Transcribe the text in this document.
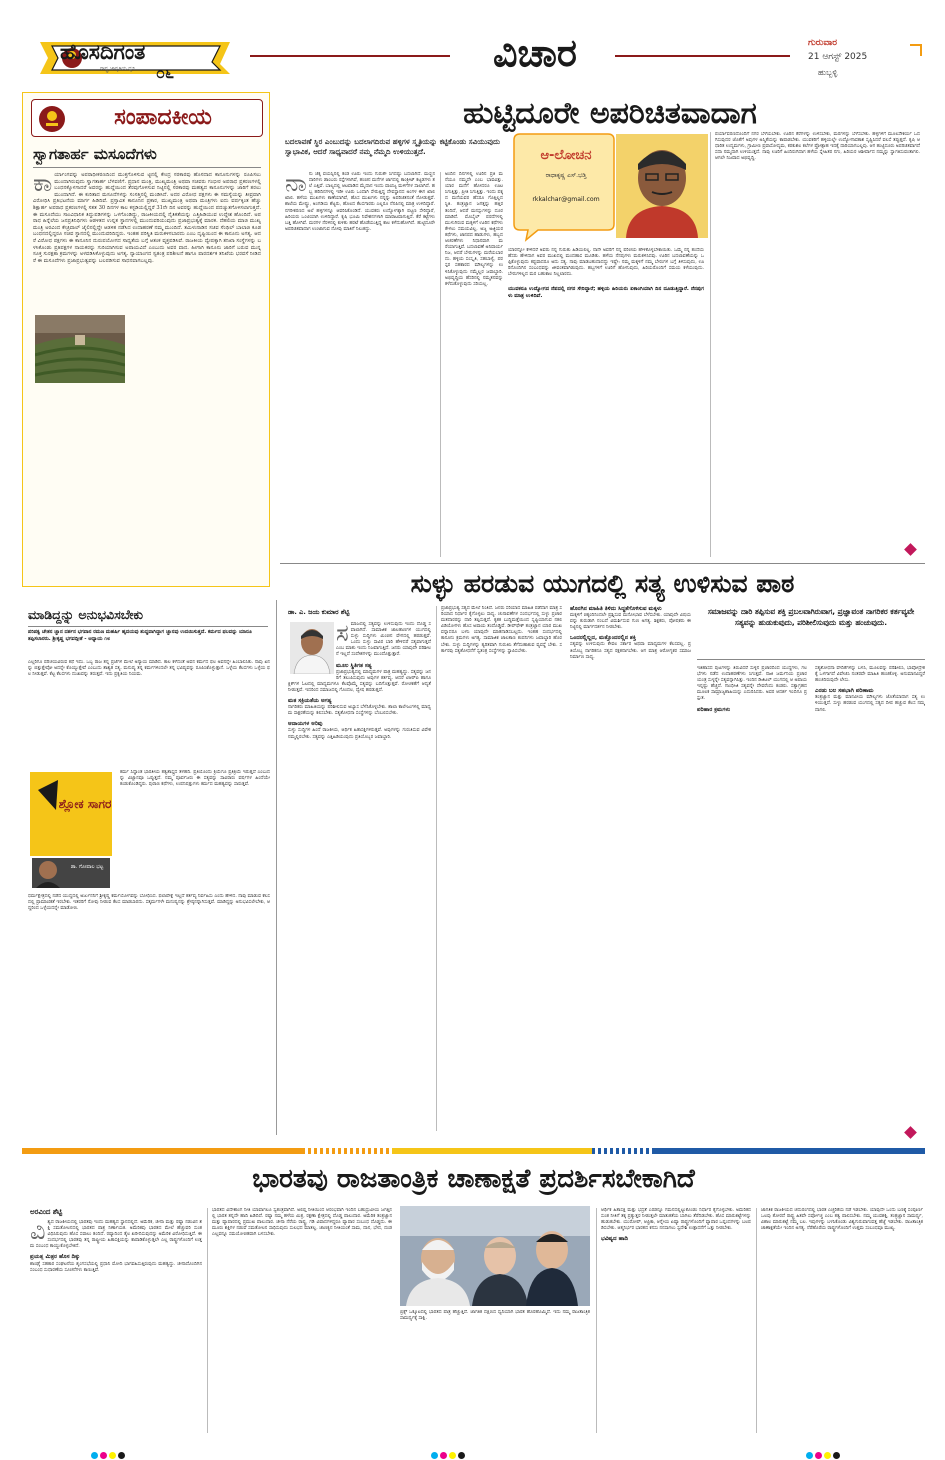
ಹೊಸದಿಗಂತ
ರಾಷ್ಟ್ರ ಜಾಗೃತಿಯ ಧ್ವನಿ	೦೬	ವಿಚಾರ	ಗುರುವಾರ
21 ಆಗಸ್ಟ್ 2025
ಹುಬ್ಬಳ್ಳಿ
ಸಂಪಾದಕೀಯ
ಸ್ವಾಗತಾರ್ಹ ಮಸೂದೆಗಳು
ಕಾ ರ್ಯಾಂಗವನ್ನು ಅಪರಾಧೀಕರಣದಿಂದ ಮುಕ್ತಗೊಳಿಸುವ ಟ್ಟಿನಲ್ಲಿ ಕೇಂದ್ರ ಸರಕಾರವು ಹೊಸದಾದ ಕಾನೂನುಗಳನ್ನು ರೂಪಿಸಲು ಮುಂದಾಗಿರುವುದು ಸ್ವಾಗತಾರ್ಹ ಬೆಳವಣಿಗೆ. ಪ್ರಧಾನ ಮಂತ್ರಿ, ಮುಖ್ಯಮಂತ್ರಿ ಅಥವಾ ಸಚಿವರು ಗಂಭೀರ ಅಪರಾಧ ಪ್ರಕರಣಗಳಲ್ಲಿ ಬಂಧನಕ್ಕೊಳಗಾದರೆ ಅವರನ್ನು ಹುದ್ದೆಯಿಂದ ತೆರವುಗೊಳಿಸುವ ನಿಟ್ಟಿನಲ್ಲಿ ಸರಕಾರವು ಮಹತ್ವದ ಕಾನೂನುಗಳನ್ನು ಜಾರಿಗೆ ತರಲು ಮುಂದಾಗಿದೆ. ಈ ಕುರಿತಾದ ಮಸೂದೆಗಳನ್ನು ಸಂಸತ್ತಿನಲ್ಲಿ ಮಂಡಿಸಿದೆ. ಅದರ ವಿರೋಧ ಪಕ್ಷಗಳು ಈ ಸಮಸ್ಯೆಯನ್ನು ತೀವ್ರವಾಗಿ ವಿರೋಧಿಸಿ ಪ್ರತಿಭಟನೆಯ ಮಾರ್ಗ ಹಿಡಿದಿವೆ. ಪ್ರಸ್ತಾವಿತ ಕಾನೂನಿನ ಪ್ರಕಾರ, ಮುಖ್ಯಮಂತ್ರಿ ಅಥವಾ ಮಂತ್ರಿಗಳು ಐದು ವರ್ಷಕ್ಕಿಂತ ಹೆಚ್ಚು ಶಿಕ್ಷಾರ್ಹ ಅಪರಾಧ ಪ್ರಕರಣಗಳಲ್ಲಿ ಸತತ 30 ದಿನಗಳ ಕಾಲ ಕಸ್ಟಡಿಯಲ್ಲಿದ್ದರೆ 31ನೇ ದಿನ ಅವರನ್ನು ಹುದ್ದೆಯಿಂದ ಪದಚ್ಯುತಗೊಳಿಸಲಾಗುತ್ತದೆ. ಈ ಮಸೂದೆಯು ಸಾಂವಿಧಾನಿಕ ತಿದ್ದುಪಡಿಗಳನ್ನು ಒಳಗೊಂಡಿದ್ದು, ರಾಜಕೀಯದಲ್ಲಿ ನೈತಿಕತೆಯನ್ನು ಎತ್ತಿಹಿಡಿಯುವ ಉದ್ದೇಶ ಹೊಂದಿದೆ. ಅಪರಾಧ ಹಿನ್ನೆಲೆಯ ಜನಪ್ರತಿನಿಧಿಗಳು ಆಡಳಿತದ ಉನ್ನತ ಸ್ಥಾನಗಳಲ್ಲಿ ಮುಂದುವರಿಯುವುದು ಪ್ರಜಾಪ್ರಭುತ್ವಕ್ಕೆ ಮಾರಕ. ದೆಹಲಿಯ ಮಾಜಿ ಮುಖ್ಯಮಂತ್ರಿ ಅರವಿಂದ ಕೇಜ್ರಿವಾಲ್ ಜೈಲಿನಲ್ಲಿದ್ದೇ ಆಡಳಿತ ನಡೆಸಿದ ಉದಾಹರಣೆ ನಮ್ಮ ಮುಂದಿದೆ. ತಮಿಳುನಾಡಿನ ಸಚಿವ ಸೆಂಥಿಲ್ ಬಾಲಾಜಿ ಕೂಡ ಬಂಧನದಲ್ಲಿದ್ದರೂ ಸಚಿವ ಸ್ಥಾನದಲ್ಲಿ ಮುಂದುವರಿದಿದ್ದರು. ಇಂತಹ ಪರಿಸ್ಥಿತಿ ಮರುಕಳಿಸಬಾರದು ಎಂಬ ದೃಷ್ಟಿಯಿಂದ ಈ ಕಾನೂನು ಅಗತ್ಯ. ಆದರೆ ವಿರೋಧ ಪಕ್ಷಗಳು ಈ ಕಾನೂನಿನ ದುರುಪಯೋಗದ ಸಾಧ್ಯತೆಯ ಬಗ್ಗೆ ಆತಂಕ ವ್ಯಕ್ತಪಡಿಸಿವೆ. ರಾಜಕೀಯ ದ್ವೇಷಕ್ಕಾಗಿ ತನಿಖಾ ಸಂಸ್ಥೆಗಳನ್ನು ಬಳಸಿಕೊಂಡು ಪ್ರತಿಪಕ್ಷಗಳ ನಾಯಕರನ್ನು ಗುರಿಯಾಗಿಸುವ ಅಪಾಯವಿದೆ ಎಂಬುದು ಅವರ ವಾದ. ಹೀಗಾಗಿ ಕಾನೂನು ಜಾರಿಗೆ ಬರುವ ಮುನ್ನ ಸೂಕ್ತ ಸುರಕ್ಷತಾ ಕ್ರಮಗಳನ್ನು ಅಳವಡಿಸಿಕೊಳ್ಳುವುದು ಅಗತ್ಯ. ನ್ಯಾಯಾಂಗದ ಸ್ವತಂತ್ರ ಪರಿಶೀಲನೆ ಹಾಗೂ ಪಾರದರ್ಶಕ ತನಿಖೆಯ ಭರವಸೆ ನೀಡಿದರೆ ಈ ಮಸೂದೆಗಳು ಪ್ರಜಾಪ್ರಭುತ್ವವನ್ನು ಬಲಪಡಿಸುವ ಸಾಧನವಾಗಬಲ್ಲವು.
ಹುಟ್ಟಿದೂರೇ ಅಪರಿಚಿತವಾದಾಗ
ಬದಲಾವಣೆ ಸ್ಥಿರ ಎಂಬುದನ್ನು ಬದಲಾಗದಿರುವ ಹಳ್ಳಿಗಳ ಸ್ಮೃತಿಯನ್ನು ಕಟ್ಟಿಕೊಂಡು ಸವಿಯುವುದು ಸ್ವಾಭಾವಿಕ, ಆದರೆ ಸಾಧ್ಯವಾದರೆ ನಮ್ಮ ನೆಮ್ಮದಿ ಉಳಿಯುತ್ತದೆ.	ಆ-ಲೋಚನ
ರಾಧಾಕೃಷ್ಣ ಎಸ್.ಭಡ್ತಿ
rkkalchar@gmail.com
ನಾ ನು ಚಿಕ್ಕ ವಯಸ್ಸಿನಲ್ಲಿ ಕಂಡ ಊರು ಇಂದು ಗುರುತೇ ಸಿಗದಷ್ಟು ಬದಲಾಗಿದೆ. ಮಣ್ಣಿನ ದಾರಿಗಳು ಡಾಂಬರು ರಸ್ತೆಗಳಾಗಿವೆ, ಹಂಚಿನ ಮನೆಗಳ ಜಾಗದಲ್ಲಿ ಕಾಂಕ್ರೀಟ್ ಕಟ್ಟಡಗಳು ತಲೆ ಎತ್ತಿವೆ. ಬಾಲ್ಯದಲ್ಲಿ ಆಟವಾಡಿದ ಮೈದಾನ ಇಂದು ವಾಣಿಜ್ಯ ಮಳಿಗೆಗಳ ಸಾಲಾಗಿದೆ. ಹಬ್ಬ ಹರಿದಿನಗಳಲ್ಲಿ ಇಡೀ ಊರು ಒಂದಾಗಿ ಸೇರುತ್ತಿದ್ದ ದೇವಸ್ಥಾನದ ಅಂಗಳ ಈಗ ಖಾಲಿ ಖಾಲಿ. ಹಳೆಯ ಮುಖಗಳು ಕಾಣೆಯಾಗಿವೆ, ಹೊಸ ಮುಖಗಳು ನನ್ನನ್ನು ಅಪರಿಚಿತನಂತೆ ನೋಡುತ್ತವೆ. ಶಾಲೆಯ ಮೇಷ್ಟ್ರು, ಅಂಗಡಿಯ ಶೆಟ್ಟರು, ಹೊಲದ ಕೆಲಸಗಾರರು ಎಲ್ಲರೂ ನೆನಪಿನಲ್ಲಿ ಮಾತ್ರ ಉಳಿದಿದ್ದಾರೆ. ನಗರೀಕರಣದ ಅಲೆ ಹಳ್ಳಿಗಳನ್ನೂ ಆವರಿಸಿಕೊಂಡಿದೆ. ಯುವಕರು ಉದ್ಯೋಗಕ್ಕಾಗಿ ಪಟ್ಟಣ ಸೇರಿದ್ದಾರೆ, ಹಿರಿಯರು ಒಂಟಿಯಾಗಿ ಉಳಿದಿದ್ದಾರೆ. ಕೃಷಿ ಭೂಮಿ ನಿವೇಶನಗಳಾಗಿ ಮಾರಾಟವಾಗುತ್ತಿದೆ. ಕೆರೆ ಕಟ್ಟೆಗಳು ಬತ್ತಿ ಹೋಗಿವೆ. ಮರಗಳ ನೆರಳಿನಲ್ಲಿ ಕುಳಿತು ಹರಟೆ ಹೊಡೆಯುತ್ತಿದ್ದ ಕಾಲ ಕಳೆದುಹೋಗಿದೆ. ಹುಟ್ಟಿದೂರೇ ಅಪರಿಚಿತವಾದಾಗ ಉಂಟಾಗುವ ನೋವು ಮಾತಿಗೆ ನಿಲುಕದ್ದು.
ಅಂದಿನ ದಿನಗಳಲ್ಲಿ ಊರಿನ ಪ್ರತಿ ಮನೆಯೂ ನಮ್ಮದೇ ಎಂಬ ಭಾವವಿತ್ತು. ಯಾರ ಮನೆಗೆ ಹೋದರೂ ಊಟ ಸಿಗುತ್ತಿತ್ತು, ಪ್ರೀತಿ ಸಿಗುತ್ತಿತ್ತು. ಇಂದು ಪಕ್ಕದ ಮನೆಯವರ ಹೆಸರೂ ಗೊತ್ತಿಲ್ಲದ ಸ್ಥಿತಿ. ತಂತ್ರಜ್ಞಾನ ಜಗತ್ತನ್ನು ಹತ್ತಿರ ತಂದಿದೆ, ಆದರೆ ಮನಸ್ಸುಗಳನ್ನು ದೂರ ಮಾಡಿದೆ. ಮೊಬೈಲ್ ಪರದೆಗಳಲ್ಲಿ ಮುಳುಗಿರುವ ಮಕ್ಕಳಿಗೆ ಊರಿನ ಕಥೆಗಳು ಕೇಳಲು ಸಮಯವಿಲ್ಲ. ಅಜ್ಜ ಅಜ್ಜಿಯರ ಕಥೆಗಳು, ಜಾನಪದ ಹಾಡುಗಳು, ಹಬ್ಬದ ಆಚರಣೆಗಳು ನಿಧಾನವಾಗಿ ಮರೆಯಾಗುತ್ತಿವೆ. ಬದಲಾವಣೆ ಅನಿವಾರ್ಯ ನಿಜ, ಆದರೆ ಬೇರುಗಳನ್ನು ಮರೆಯಬಾರದು. ಹಳ್ಳಿಯ ಸಂಸ್ಕೃತಿ, ಸಹಬಾಳ್ವೆ, ಪರಸ್ಪರ ಸಹಕಾರದ ಮೌಲ್ಯಗಳನ್ನು ಉಳಿಸಿಕೊಳ್ಳುವುದು ನಮ್ಮೆಲ್ಲರ ಜವಾಬ್ದಾರಿ. ಅಭಿವೃದ್ಧಿಯ ಹೆಸರಿನಲ್ಲಿ ನಮ್ಮತನವನ್ನು ಕಳೆದುಕೊಳ್ಳುವುದು ಸರಿಯಲ್ಲ.
ಯಾರನ್ನೋ ಕೇಳಿದರೆ ಅವರು ನನ್ನ ಗುರುತು ಹಿಡಿಯಲಿಲ್ಲ. ನಾನೇ ಅವರಿಗೆ ನನ್ನ ಪರಿಚಯ ಹೇಳಿಕೊಳ್ಳಬೇಕಾಯಿತು. ಒಮ್ಮೆ ನನ್ನ ತಂದೆಯ ಹೆಸರು ಹೇಳಿದಾಗ ಅವರ ಮುಖದಲ್ಲಿ ಮಂದಹಾಸ ಮೂಡಿತು. ಹಳೆಯ ನೆನಪುಗಳು ಮರುಕಳಿಸಿದವು. ಊರಿನ ಬದಲಾವಣೆಯನ್ನು ಒಪ್ಪಿಕೊಳ್ಳುವುದು ಕಷ್ಟವಾದರೂ ಅದು ಸತ್ಯ. ನಾವು ಮಾಡಬಹುದಾದದ್ದು ಇಷ್ಟೇ: ನಮ್ಮ ಮಕ್ಕಳಿಗೆ ನಮ್ಮ ಬೇರುಗಳ ಬಗ್ಗೆ ತಿಳಿಸುವುದು, ಊರಿನೊಂದಿಗಿನ ಸಂಬಂಧವನ್ನು ಜೀವಂತವಾಗಿಡುವುದು. ಹಬ್ಬಗಳಿಗೆ ಊರಿಗೆ ಹೋಗುವುದು, ಹಿರಿಯರೊಂದಿಗೆ ಸಮಯ ಕಳೆಯುವುದು. ಬೇರುಗಳಿಲ್ಲದ ಮರ ಬಹುಕಾಲ ನಿಲ್ಲಲಾರದು.
ಯುವಕರೂ ಉದ್ಯೋಗದ ನೆಪದಲ್ಲಿ ನಗರ ಸೇರಿದ್ದಾರೆ; ಹಳ್ಳಿಯ ಹಿರಿಯರು ಏಕಾಂಗಿಯಾಗಿ ದಿನ ದೂಡುತ್ತಿದ್ದಾರೆ. ನೆನಪುಗಳು ಮಾತ್ರ ಉಳಿದಿವೆ.
ಪರ್ಯಾವರಣದೊಂದಿಗೆ ನಗರ ಬೆಳೆಯಬೇಕು. ಊರಿನ ಕೆರೆಗಳನ್ನು ಉಳಿಸಬೇಕು, ಮರಗಳನ್ನು ಬೆಳೆಸಬೇಕು. ಹಳ್ಳಿಗಳಿಗೆ ಮೂಲಸೌಕರ್ಯ ಒದಗಿಸುವುದರ ಜೊತೆಗೆ ಅವುಗಳ ಅಸ್ಮಿತೆಯನ್ನು ಕಾಪಾಡಬೇಕು. ಯುವಕರಿಗೆ ಹಳ್ಳಿಯಲ್ಲೇ ಉದ್ಯೋಗಾವಕಾಶ ಸೃಷ್ಟಿಸಿದರೆ ವಲಸೆ ತಪ್ಪುತ್ತದೆ. ಕೃಷಿ ಆಧಾರಿತ ಉದ್ಯಮಗಳು, ಗ್ರಾಮೀಣ ಪ್ರವಾಸೋದ್ಯಮ, ಕರಕುಶಲ ಕಲೆಗಳ ಪ್ರೋತ್ಸಾಹ ಇದಕ್ಕೆ ದಾರಿಯಾಗಬಲ್ಲವು. ಆಗ ಹುಟ್ಟಿದೂರು ಅಪರಿಚಿತವಾಗದೆ ಸದಾ ನಮ್ಮದಾಗಿ ಉಳಿಯುತ್ತದೆ. ನಾವು ಊರಿಗೆ ಹಿಂದಿರುಗಿದಾಗ ಹಳೆಯ ಸ್ನೇಹಿತರ ನಗು, ಹಿರಿಯರ ಆಶೀರ್ವಾದ ನಮ್ಮನ್ನು ಸ್ವಾಗತಿಸುವಂತಾಗಲಿ. ಆಗಲೇ ನಿಜವಾದ ಅಭಿವೃದ್ಧಿ.
ಸುಳ್ಳು ಹರಡುವ ಯುಗದಲ್ಲಿ ಸತ್ಯ ಉಳಿಸುವ ಪಾಠ
ಡಾ. ಎ. ಜಯ ಕುಮಾರ ಶೆಟ್ಟಿ
ಸ ಮಾಜದಲ್ಲಿ ಸತ್ಯವನ್ನು ಉಳಿಸುವುದು ಇಂದು ದೊಡ್ಡ ಸವಾಲಾಗಿದೆ. ಸಾಮಾಜಿಕ ಜಾಲತಾಣಗಳ ಯುಗದಲ್ಲಿ ಸುಳ್ಳು ಸುದ್ದಿಗಳು ಮಿಂಚಿನ ವೇಗದಲ್ಲಿ ಹರಡುತ್ತವೆ. ಒಂದು ಸುಳ್ಳು ಸಾವಿರ ಬಾರಿ ಹೇಳಿದರೆ ಸತ್ಯವಾಗುತ್ತದೆ ಎಂಬ ಮಾತು ಇಂದು ನಿಜವಾಗುತ್ತಿದೆ. ಜನರು ಯಾವುದೇ ಪರಿಶೀಲನೆ ಇಲ್ಲದೆ ಸಂದೇಶಗಳನ್ನು ಮುಂದೊತ್ತುತ್ತಾರೆ.
ಮೂಲ ಸ್ಥಿತಿಗತ ಸತ್ಯ
ಪ್ರಜಾಪ್ರಭುತ್ವದಲ್ಲಿ ಮಾಧ್ಯಮಗಳ ಪಾತ್ರ ಮಹತ್ವದ್ದು. ಸತ್ಯವನ್ನು ಜನರಿಗೆ ತಲುಪಿಸುವುದು ಅವುಗಳ ಕರ್ತವ್ಯ. ಆದರೆ ಟಿಆರ್‌ಪಿ ಹಾಗೂ ಕ್ಲಿಕ್‌ಗಳ ಓಟದಲ್ಲಿ ಮಾಧ್ಯಮಗಳೂ ಕೆಲವೊಮ್ಮೆ ಸತ್ಯವನ್ನು ಬದಿಗೊತ್ತುತ್ತವೆ. ರೋಚಕತೆಗೆ ಆದ್ಯತೆ ನೀಡುತ್ತವೆ. ಇದರಿಂದ ಸಮಾಜದಲ್ಲಿ ಗೊಂದಲ, ದ್ವೇಷ ಹರಡುತ್ತದೆ.
ಮತ ಸಕ್ರಿಯತೆಯ ಅಗತ್ಯ
ನಾಗರಿಕರು ಮಾಹಿತಿಯನ್ನು ಪರಿಶೀಲಿಸುವ ಅಭ್ಯಾಸ ಬೆಳೆಸಿಕೊಳ್ಳಬೇಕು. ಶಾಲಾ ಕಾಲೇಜುಗಳಲ್ಲಿ ಮಾಧ್ಯಮ ಸಾಕ್ಷರತೆಯನ್ನು ಕಲಿಸಬೇಕು. ಸತ್ಯಶೋಧನಾ ಸಂಸ್ಥೆಗಳನ್ನು ಬೆಂಬಲಿಸಬೇಕು.
ಆದಾಯಗಳ ಅರಿವು
ಸುಳ್ಳು ಸುದ್ದಿಗಳ ಹಿಂದೆ ರಾಜಕೀಯ, ಆರ್ಥಿಕ ಹಿತಾಸಕ್ತಿಗಳಿರುತ್ತವೆ. ಅವುಗಳನ್ನು ಗುರುತಿಸುವ ವಿವೇಕ ನಮ್ಮಲ್ಲಿರಬೇಕು. ಸತ್ಯವನ್ನು ಎತ್ತಿಹಿಡಿಯುವುದು ಪ್ರತಿಯೊಬ್ಬರ ಜವಾಬ್ದಾರಿ.
ಪ್ರಜಾಪ್ರಭುತ್ವ ಸತ್ಯದ ಮೇಲೆ ನಿಂತಿದೆ. ಜನರು ಸರಿಯಾದ ಮಾಹಿತಿ ಪಡೆದಾಗ ಮಾತ್ರ ಸರಿಯಾದ ನಿರ್ಧಾರ ಕೈಗೊಳ್ಳಲು ಸಾಧ್ಯ. ಚುನಾವಣೆಗಳ ಸಂದರ್ಭದಲ್ಲಿ ಸುಳ್ಳು ಪ್ರಚಾರ ಮತದಾರರನ್ನು ದಾರಿ ತಪ್ಪಿಸುತ್ತದೆ. ಕೃತಕ ಬುದ್ಧಿಮತ್ತೆಯಿಂದ ಸೃಷ್ಟಿಯಾಗುವ ನಕಲಿ ವಿಡಿಯೋಗಳು ಹೊಸ ಅಪಾಯ ತಂದೊಡ್ಡಿವೆ. ಡೀಪ್‌ಫೇಕ್ ತಂತ್ರಜ್ಞಾನ ಯಾರ ಮುಖವನ್ನಾದರೂ ಬಳಸಿ ಯಾವುದೇ ಮಾತನಾಡಿಸಬಲ್ಲದು. ಇಂತಹ ಸಂದರ್ಭದಲ್ಲಿ ಕಾನೂನು ಕ್ರಮಗಳು ಅಗತ್ಯ. ಸಾಮಾಜಿಕ ಜಾಲತಾಣ ಕಂಪನಿಗಳು ಜವಾಬ್ದಾರಿ ಹೊರಬೇಕು. ಸುಳ್ಳು ಸುದ್ದಿಗಳನ್ನು ತ್ವರಿತವಾಗಿ ಗುರುತಿಸಿ ತೆಗೆದುಹಾಕುವ ವ್ಯವಸ್ಥೆ ಬೇಕು. ಸರ್ಕಾರವು ಸತ್ಯಶೋಧನೆಗೆ ಸ್ವತಂತ್ರ ಸಂಸ್ಥೆಗಳನ್ನು ಸ್ಥಾಪಿಸಬೇಕು.
ಹೊರಗಿನ ಮಾಹಿತಿ ತಿಳಿದು ಸಿದ್ಧತೆಗೊಳಿಸುವ ಮಕ್ಕಳು
ಮಕ್ಕಳಿಗೆ ಚಿಕ್ಕಂದಿನಿಂದಲೇ ಪ್ರಶ್ನಿಸುವ ಮನೋಭಾವ ಬೆಳೆಸಬೇಕು. ಯಾವುದೇ ವಿಷಯವನ್ನು ಕುರುಡಾಗಿ ನಂಬದೆ ವಿಮರ್ಶಿಸುವ ಗುಣ ಅಗತ್ಯ. ಶಿಕ್ಷಕರು, ಪೋಷಕರು ಈ ನಿಟ್ಟಿನಲ್ಲಿ ಮಾರ್ಗದರ್ಶನ ನೀಡಬೇಕು.
ಒಂದರಲ್ಲಿಲ್ಲದ, ಮತ್ತೊಂದರಲ್ಲಿನ ಶಕ್ತಿ
ಸತ್ಯವನ್ನು ಉಳಿಸುವುದು ಕೇವಲ ಸರ್ಕಾರ ಅಥವಾ ಮಾಧ್ಯಮಗಳ ಕೆಲಸವಲ್ಲ. ಪ್ರತಿಯೊಬ್ಬ ನಾಗರಿಕನೂ ಸತ್ಯದ ರಕ್ಷಕನಾಗಬೇಕು. ಆಗ ಮಾತ್ರ ಆರೋಗ್ಯಕರ ಸಮಾಜ ನಿರ್ಮಾಣ ಸಾಧ್ಯ.
ಸಮಾಜವನ್ನು ದಾರಿ ತಪ್ಪಿಸುವ ಶಕ್ತಿ ಪ್ರಬಲವಾಗಿರುವಾಗ, ಪ್ರಜ್ಞಾವಂತ ನಾಗರಿಕರ ಕರ್ತವ್ಯವೇ ಸತ್ಯವನ್ನು ಹುಡುಕುವುದು, ಪರಿಶೀಲಿಸುವುದು ಮತ್ತು ಹಂಚುವುದು.
ಇತಿಹಾಸದ ಪುಟಗಳನ್ನು ತಿರುವಿದರೆ ಸುಳ್ಳಿನ ಪ್ರಚಾರದಿಂದ ಯುದ್ಧಗಳು, ಗಲಭೆಗಳು ನಡೆದ ಉದಾಹರಣೆಗಳು ಸಿಗುತ್ತವೆ. ನಾಜಿ ಜರ್ಮನಿಯ ಪ್ರಚಾರ ಯಂತ್ರ ಸುಳ್ಳನ್ನೇ ಸತ್ಯವನ್ನಾಗಿಸಿತ್ತು. ಇಂದಿನ ಡಿಜಿಟಲ್ ಯುಗದಲ್ಲಿ ಆ ಅಪಾಯ ಇನ್ನಷ್ಟು ಹೆಚ್ಚಿದೆ. ಗಾಂಧೀಜಿ ಸತ್ಯವನ್ನೇ ದೇವರೆಂದು ಕಂಡರು. ಸತ್ಯಾಗ್ರಹದ ಮೂಲಕ ಸಾಮ್ರಾಜ್ಯಶಾಹಿಯನ್ನು ಎದುರಿಸಿದರು. ಅವರ ಆದರ್ಶ ಇಂದಿಗೂ ಪ್ರಸ್ತುತ.
ಪರಿಹಾರ ಕ್ರಮಗಳು
ಸತ್ಯಶೋಧನಾ ವೇದಿಕೆಗಳನ್ನು ಬಳಸಿ, ಮೂಲವನ್ನು ಪರಿಶೀಲಿಸಿ, ಭಾವೋದ್ರೇಕಕ್ಕೆ ಒಳಗಾಗದೆ ವಿವೇಚಿಸಿ ನಂತರವೇ ಮಾಹಿತಿ ಹಂಚಿಕೊಳ್ಳಿ. ಅನುಮಾನವಿದ್ದರೆ ಹಂಚದಿರುವುದೇ ಲೇಸು.
ಎರಡು ಬಲ ಸಹಭಾಗಿ ಪರಿಣಾಮ
ತಂತ್ರಜ್ಞಾನ ಮತ್ತು ಮಾನವೀಯ ಮೌಲ್ಯಗಳು ಜೊತೆಯಾದಾಗ ಸತ್ಯ ಉಳಿಯುತ್ತದೆ. ಸುಳ್ಳು ಹರಡುವ ಯುಗದಲ್ಲಿ ಸತ್ಯದ ದೀಪ ಹಚ್ಚುವ ಕೆಲಸ ನಮ್ಮದಾಗಲಿ.
ಮಾಡಿದ್ದನ್ನು ಅನುಭವಿಸಬೇಕು
ಪರಿಪಕ್ವ ಚೇತನ ಜ್ಞಾನ ದರ್ಶನ ಭಗವಾನ ರಮಣ ಮಹರ್ಷಿ ಹೃದಯವು ಶುದ್ಧವಾಗಿದ್ದಾಗ ಜ್ಞಾನವು ಉದಯಿಸುತ್ತದೆ. ಕರ್ಮದ ಫಲವನ್ನು ಯಾರೂ ತಪ್ಪಿಸಲಾರರು. ಶ್ರೀಕೃಷ್ಣ ಭಗವದ್ಗೀತೆ - ಅಧ್ಯಾಯ ೧೮
ಎಲ್ಲರಿಗೂ ಪರಿಚಯವಿರುವ ಕಥೆ ಇದು. ಒಬ್ಬ ರಾಜ ತನ್ನ ಪ್ರಜೆಗಳ ಮೇಲೆ ಅನ್ಯಾಯ ಮಾಡಿದ. ಕಾಲ ಕಳೆದಂತೆ ಅವನ ಕರ್ಮದ ಫಲ ಅವನನ್ನೇ ಹಿಂಬಾಲಿಸಿತು. ನಾವು ಏನನ್ನು ಬಿತ್ತುತ್ತೇವೋ ಅದನ್ನೇ ಕೊಯ್ಯುತ್ತೇವೆ ಎಂಬುದು ಶಾಶ್ವತ ಸತ್ಯ. ಮನುಷ್ಯ ತನ್ನ ಕರ್ಮಗಳಿಂದಲೇ ತನ್ನ ಭವಿಷ್ಯವನ್ನು ರೂಪಿಸಿಕೊಳ್ಳುತ್ತಾನೆ. ಒಳ್ಳೆಯ ಕೆಲಸಗಳು ಒಳ್ಳೆಯ ಫಲ ನೀಡುತ್ತವೆ. ಕೆಟ್ಟ ಕೆಲಸಗಳು ದುಃಖವನ್ನು ತರುತ್ತವೆ. ಇದು ಪ್ರಕೃತಿಯ ನಿಯಮ.
ಶ್ಲೋಕ ಸಾಗರ
ಡಾ. ಗೋಪಾಲ ಭಟ್ಟ
ಕರ್ಮ ಸಿದ್ಧಾಂತ ಭಾರತೀಯ ತತ್ವಶಾಸ್ತ್ರದ ತಳಹದಿ. ಪ್ರತಿಯೊಂದು ಕ್ರಿಯೆಗೂ ಪ್ರತಿಕ್ರಿಯೆ ಇರುತ್ತದೆ ಎಂಬುದನ್ನು ವಿಜ್ಞಾನವೂ ಒಪ್ಪುತ್ತದೆ. ನಮ್ಮ ಪೂರ್ವಜರು ಈ ಸತ್ಯವನ್ನು ಸಾವಿರಾರು ವರ್ಷಗಳ ಹಿಂದೆಯೇ ಕಂಡುಕೊಂಡಿದ್ದರು. ಪುರಾಣ ಕಥೆಗಳು, ಉಪನಿಷತ್ತುಗಳು ಕರ್ಮದ ಮಹತ್ವವನ್ನು ಸಾರುತ್ತವೆ.
ಧರ್ಮಕ್ಷೇತ್ರದಲ್ಲಿ ನಡೆದ ಯುದ್ಧದಲ್ಲಿ ಅರ್ಜುನನಿಗೆ ಶ್ರೀಕೃಷ್ಣ ಕರ್ಮಯೋಗವನ್ನು ಬೋಧಿಸಿದ. ಫಲಾಪೇಕ್ಷೆ ಇಲ್ಲದೆ ಕರ್ತವ್ಯ ನಿರ್ವಹಿಸು ಎಂದು ಹೇಳಿದ. ನಾವು ಮಾಡುವ ಕೆಲಸದಲ್ಲಿ ಪ್ರಾಮಾಣಿಕತೆ ಇರಬೇಕು. ಇತರರಿಗೆ ನೋವು ನೀಡುವ ಕೆಲಸ ಮಾಡಬಾರದು. ಸತ್ಕರ್ಮಗಳೇ ಮನುಷ್ಯನನ್ನು ಶ್ರೇಷ್ಠನನ್ನಾಗಿಸುತ್ತವೆ. ಮಾಡಿದ್ದನ್ನು ಅನುಭವಿಸಲೇಬೇಕು, ಆದ್ದರಿಂದ ಒಳ್ಳೆಯದನ್ನೇ ಮಾಡೋಣ.
ಭಾರತವು ರಾಜತಾಂತ್ರಿಕ ಚಾಣಾಕ್ಷತೆ ಪ್ರದರ್ಶಿಸಬೇಕಾಗಿದೆ
ಅರವಿಂದ ಶೆಟ್ಟಿ
ವಿ ಶ್ವದ ರಾಜಕೀಯದಲ್ಲಿ ಭಾರತವು ಇಂದು ಮಹತ್ವದ ಸ್ಥಾನದಲ್ಲಿದೆ. ಅಮೆರಿಕ, ಚೀನಾ ಮತ್ತು ರಷ್ಯಾ ನಡುವಿನ ಶಕ್ತಿ ಸಮತೋಲನದಲ್ಲಿ ಭಾರತದ ಪಾತ್ರ ನಿರ್ಣಾಯಕ. ಅಮೆರಿಕವು ಭಾರತದ ಮೇಲೆ ಹೆಚ್ಚುವರಿ ಸುಂಕ ವಿಧಿಸಿರುವುದು ಹೊಸ ಸವಾಲು ತಂದಿದೆ. ರಷ್ಯಾದಿಂದ ತೈಲ ಖರೀದಿಸುವುದನ್ನು ಅಮೆರಿಕ ವಿರೋಧಿಸುತ್ತಿದೆ. ಈ ಸಂದರ್ಭದಲ್ಲಿ ಭಾರತವು ತನ್ನ ರಾಷ್ಟ್ರೀಯ ಹಿತಾಸಕ್ತಿಯನ್ನು ಕಾಪಾಡಿಕೊಳ್ಳುತ್ತಲೇ ಎಲ್ಲ ರಾಷ್ಟ್ರಗಳೊಂದಿಗೆ ಉತ್ತಮ ಸಂಬಂಧ ಕಾಯ್ದುಕೊಳ್ಳಬೇಕಿದೆ.
ಪ್ರಯತ್ನ ಮಿತ್ರರ ಹೊಸ ದಿಕ್ಕು
ಶಾಂಘೈ ಸಹಕಾರ ಸಂಘಟನೆಯ ಶೃಂಗಸಭೆಯಲ್ಲಿ ಪ್ರಧಾನಿ ಮೋದಿ ಭಾಗವಹಿಸುತ್ತಿರುವುದು ಮಹತ್ವದ್ದು. ಚೀನಾದೊಂದಿಗಿನ ಸಂಬಂಧ ಸುಧಾರಣೆಯ ಸೂಚನೆಗಳು ಕಾಣುತ್ತಿವೆ.
ಭಾರತದ ವಿದೇಶಾಂಗ ನೀತಿ ಯಾವಾಗಲೂ ಸ್ವತಂತ್ರವಾಗಿದೆ. ಅಲಿಪ್ತ ನೀತಿಯಿಂದ ಆರಂಭವಾಗಿ ಇಂದಿನ ಬಹುಧ್ರುವೀಯ ಜಗತ್ತಿನಲ್ಲಿ ಭಾರತ ತನ್ನದೇ ಹಾದಿ ಹಿಡಿದಿದೆ. ರಷ್ಯಾ ನಮ್ಮ ಹಳೆಯ ಮಿತ್ರ, ರಕ್ಷಣಾ ಕ್ಷೇತ್ರದಲ್ಲಿ ದೊಡ್ಡ ಪಾಲುದಾರ. ಅಮೆರಿಕ ತಂತ್ರಜ್ಞಾನ ಮತ್ತು ವ್ಯಾಪಾರದಲ್ಲಿ ಪ್ರಮುಖ ಪಾಲುದಾರ. ಚೀನಾ ನೆರೆಯ ರಾಷ್ಟ್ರ, ಗಡಿ ವಿವಾದಗಳಿದ್ದರೂ ವ್ಯಾಪಾರ ಸಂಬಂಧ ದೊಡ್ಡದು. ಈ ಮೂರು ಶಕ್ತಿಗಳ ನಡುವೆ ಸಮತೋಲನ ಸಾಧಿಸುವುದು ಸುಲಭದ ಮಾತಲ್ಲ. ಚಾಣಕ್ಯನ ನೀತಿಯಂತೆ ಸಾಮ, ದಾನ, ಭೇದ, ದಂಡ ಎಲ್ಲವನ್ನೂ ಸಮಯೋಚಿತವಾಗಿ ಬಳಸಬೇಕು.
ಬ್ರಿಕ್ಸ್ ಒಕ್ಕೂಟದಲ್ಲಿ ಭಾರತದ ಪಾತ್ರ ಹೆಚ್ಚುತ್ತಿದೆ. ಜಾಗತಿಕ ದಕ್ಷಿಣದ ಧ್ವನಿಯಾಗಿ ಭಾರತ ಹೊರಹೊಮ್ಮಿದೆ. ಇದು ನಮ್ಮ ರಾಜತಾಂತ್ರಿಕ ಸಾಮರ್ಥ್ಯಕ್ಕೆ ಸಾಕ್ಷಿ.
ಆರ್ಥಿಕ ಹಿತಾಸಕ್ತಿ ಮತ್ತು ಭದ್ರತೆ ಎರಡನ್ನೂ ಗಮನದಲ್ಲಿಟ್ಟುಕೊಂಡು ನಿರ್ಧಾರ ಕೈಗೊಳ್ಳಬೇಕು. ಅಮೆರಿಕದ ಸುಂಕ ನೀತಿಗೆ ತಕ್ಕ ಪ್ರತ್ಯುತ್ತರ ನೀಡುತ್ತಲೇ ಮಾತುಕತೆಯ ಬಾಗಿಲು ತೆರೆದಿಡಬೇಕು. ಹೊಸ ಮಾರುಕಟ್ಟೆಗಳನ್ನು ಹುಡುಕಬೇಕು. ಯುರೋಪ್, ಆಫ್ರಿಕಾ, ಆಗ್ನೇಯ ಏಷ್ಯಾ ರಾಷ್ಟ್ರಗಳೊಂದಿಗೆ ವ್ಯಾಪಾರ ಒಪ್ಪಂದಗಳನ್ನು ಬಲಪಡಿಸಬೇಕು. ಆತ್ಮನಿರ್ಭರ ಭಾರತದ ಕನಸು ನನಸಾಗಲು ಸ್ವದೇಶಿ ಉತ್ಪಾದನೆಗೆ ಒತ್ತು ನೀಡಬೇಕು.
ಭವಿಷ್ಯದ ಹಾದಿ
ಜಾಗತಿಕ ರಾಜಕೀಯದ ಚದುರಂಗದಲ್ಲಿ ಭಾರತ ಎಚ್ಚರಿಕೆಯ ನಡೆ ಇಡಬೇಕು. ಯಾವುದೇ ಒಂದು ಬಣಕ್ಕೆ ಸಂಪೂರ್ಣ ಒಲವು ತೋರದೆ ರಾಷ್ಟ್ರ ಹಿತವೇ ಸರ್ವೋಚ್ಚ ಎಂಬ ತತ್ವ ಪಾಲಿಸಬೇಕು. ನಮ್ಮ ಯುವಶಕ್ತಿ, ತಂತ್ರಜ್ಞಾನ ಸಾಮರ್ಥ್ಯ, ವಿಶಾಲ ಮಾರುಕಟ್ಟೆ ನಮ್ಮ ಬಲ. ಇವುಗಳನ್ನು ಬಳಸಿಕೊಂಡು ವಿಶ್ವಗುರುವಾಗುವತ್ತ ಹೆಜ್ಜೆ ಇಡಬೇಕು. ರಾಜತಾಂತ್ರಿಕ ಚಾಣಾಕ್ಷತೆಯೇ ಇಂದಿನ ಅಗತ್ಯ. ನೆರೆಹೊರೆಯ ರಾಷ್ಟ್ರಗಳೊಂದಿಗೆ ಉತ್ತಮ ಸಂಬಂಧವೂ ಮುಖ್ಯ.
